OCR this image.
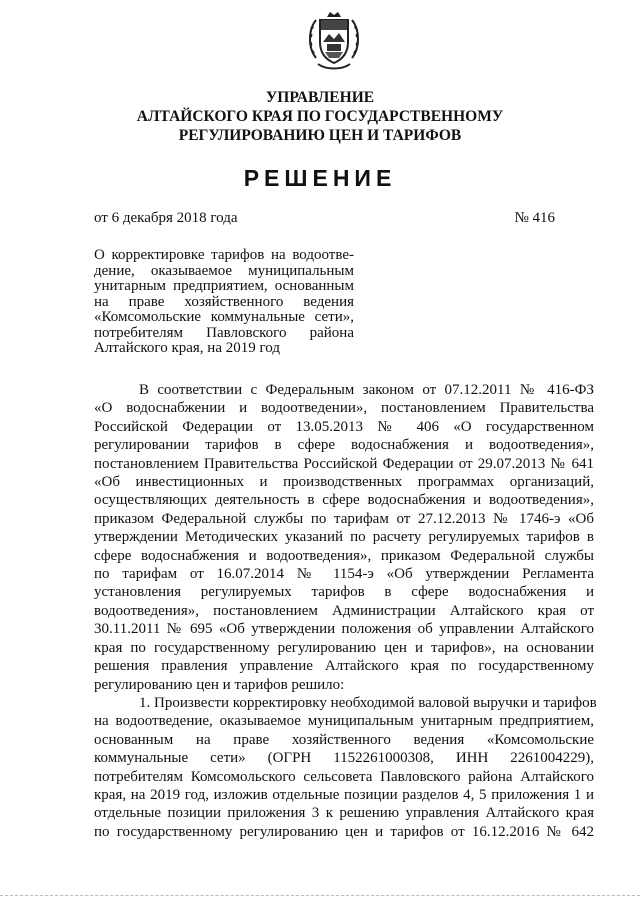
УПРАВЛЕНИЕ
АЛТАЙСКОГО КРАЯ ПО ГОСУДАРСТВЕННОМУ
РЕГУЛИРОВАНИЮ ЦЕН И ТАРИФОВ
РЕШЕНИЕ
от 6 декабря 2018 года	№ 416
О корректировке тарифов на водоотве-
дение, оказываемое муниципальным
унитарным предприятием, основанным
на праве хозяйственного ведения
«Комсомольские коммунальные сети»,
потребителям Павловского района
Алтайского края, на 2019 год
В соответствии с Федеральным законом от 07.12.2011 № 416-ФЗ
«О водоснабжении и водоотведении», постановлением Правительства
Российской Федерации от 13.05.2013 № 406 «О государственном
регулировании тарифов в сфере водоснабжения и водоотведения»,
постановлением Правительства Российской Федерации от 29.07.2013 № 641
«Об инвестиционных и производственных программах организаций,
осуществляющих деятельность в сфере водоснабжения и водоотведения»,
приказом Федеральной службы по тарифам от 27.12.2013 № 1746-э «Об
утверждении Методических указаний по расчету регулируемых тарифов в
сфере водоснабжения и водоотведения», приказом Федеральной службы
по тарифам от 16.07.2014 № 1154-э «Об утверждении Регламента
установления регулируемых тарифов в сфере водоснабжения и
водоотведения», постановлением Администрации Алтайского края от
30.11.2011 № 695 «Об утверждении положения об управлении Алтайского
края по государственному регулированию цен и тарифов», на основании
решения правления управление Алтайского края по государственному
регулированию цен и тарифов решило:
1. Произвести корректировку необходимой валовой выручки и тарифов
на водоотведение, оказываемое муниципальным унитарным предприятием,
основанным на праве хозяйственного ведения «Комсомольские
коммунальные сети» (ОГРН 1152261000308, ИНН 2261004229),
потребителям Комсомольского сельсовета Павловского района Алтайского
края, на 2019 год, изложив отдельные позиции разделов 4, 5 приложения 1 и
отдельные позиции приложения 3 к решению управления Алтайского края
по государственному регулированию цен и тарифов от 16.12.2016 № 642
